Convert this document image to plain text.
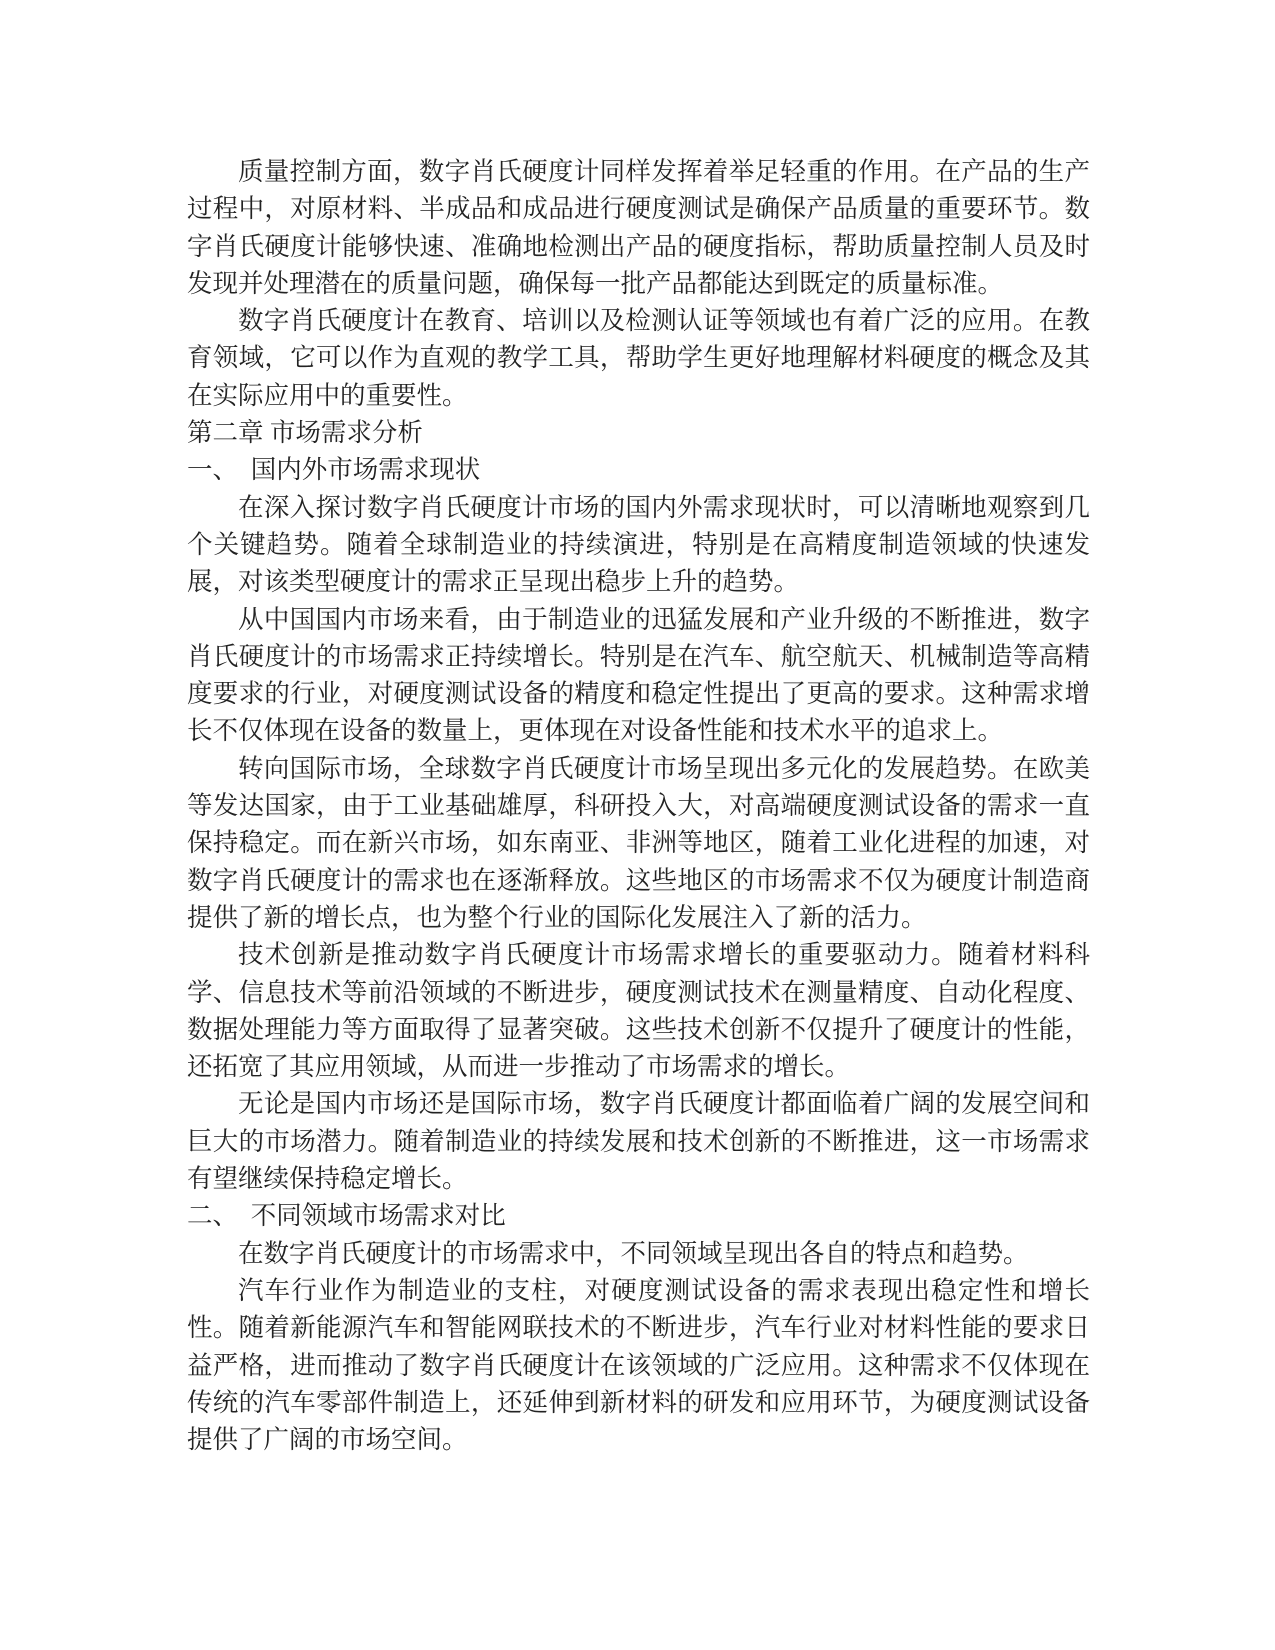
质量控制方面，数字肖氏硬度计同样发挥着举足轻重的作用。在产品的生产过程中，对原材料、半成品和成品进行硬度测试是确保产品质量的重要环节。数字肖氏硬度计能够快速、准确地检测出产品的硬度指标，帮助质量控制人员及时发现并处理潜在的质量问题，确保每一批产品都能达到既定的质量标准。

数字肖氏硬度计在教育、培训以及检测认证等领域也有着广泛的应用。在教育领域，它可以作为直观的教学工具，帮助学生更好地理解材料硬度的概念及其在实际应用中的重要性。

第二章 市场需求分析

一、　国内外市场需求现状

在深入探讨数字肖氏硬度计市场的国内外需求现状时，可以清晰地观察到几个关键趋势。随着全球制造业的持续演进，特别是在高精度制造领域的快速发展，对该类型硬度计的需求正呈现出稳步上升的趋势。

从中国国内市场来看，由于制造业的迅猛发展和产业升级的不断推进，数字肖氏硬度计的市场需求正持续增长。特别是在汽车、航空航天、机械制造等高精度要求的行业，对硬度测试设备的精度和稳定性提出了更高的要求。这种需求增长不仅体现在设备的数量上，更体现在对设备性能和技术水平的追求上。

转向国际市场，全球数字肖氏硬度计市场呈现出多元化的发展趋势。在欧美等发达国家，由于工业基础雄厚，科研投入大，对高端硬度测试设备的需求一直保持稳定。而在新兴市场，如东南亚、非洲等地区，随着工业化进程的加速，对数字肖氏硬度计的需求也在逐渐释放。这些地区的市场需求不仅为硬度计制造商提供了新的增长点，也为整个行业的国际化发展注入了新的活力。

技术创新是推动数字肖氏硬度计市场需求增长的重要驱动力。随着材料科学、信息技术等前沿领域的不断进步，硬度测试技术在测量精度、自动化程度、数据处理能力等方面取得了显著突破。这些技术创新不仅提升了硬度计的性能，还拓宽了其应用领域，从而进一步推动了市场需求的增长。

无论是国内市场还是国际市场，数字肖氏硬度计都面临着广阔的发展空间和巨大的市场潜力。随着制造业的持续发展和技术创新的不断推进，这一市场需求有望继续保持稳定增长。

二、　不同领域市场需求对比

在数字肖氏硬度计的市场需求中，不同领域呈现出各自的特点和趋势。

汽车行业作为制造业的支柱，对硬度测试设备的需求表现出稳定性和增长性。随着新能源汽车和智能网联技术的不断进步，汽车行业对材料性能的要求日益严格，进而推动了数字肖氏硬度计在该领域的广泛应用。这种需求不仅体现在传统的汽车零部件制造上，还延伸到新材料的研发和应用环节，为硬度测试设备提供了广阔的市场空间。
